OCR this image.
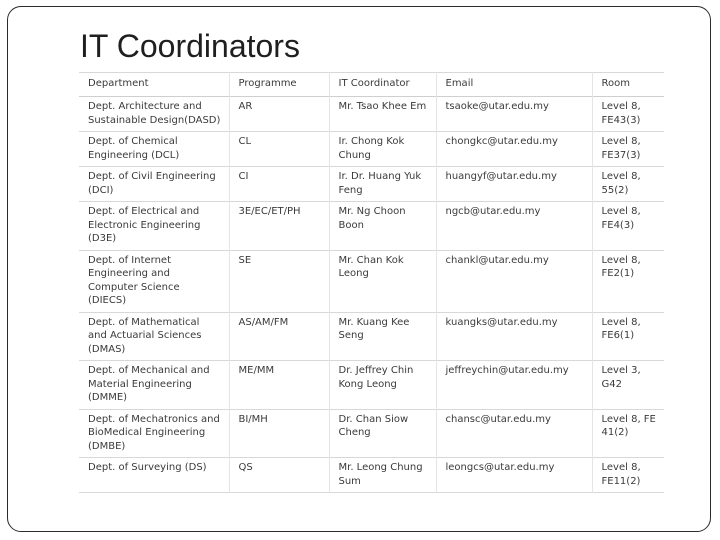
IT Coordinators
Department	Programme	IT Coordinator	Email	Room
Dept. Architecture and Sustainable Design(DASD)	AR	Mr. Tsao Khee Em	tsaoke@utar.edu.my	Level 8, FE43(3)
Dept. of Chemical Engineering (DCL)	CL	Ir. Chong Kok Chung	chongkc@utar.edu.my	Level 8, FE37(3)
Dept. of Civil Engineering (DCI)	CI	Ir. Dr. Huang Yuk Feng	huangyf@utar.edu.my	Level 8, 55(2)
Dept. of Electrical and Electronic Engineering (D3E)	3E/EC/ET/PH	Mr. Ng Choon Boon	ngcb@utar.edu.my	Level 8, FE4(3)
Dept. of Internet Engineering and Computer Science (DIECS)	SE	Mr. Chan Kok Leong	chankl@utar.edu.my	Level 8, FE2(1)
Dept. of Mathematical and Actuarial Sciences (DMAS)	AS/AM/FM	Mr. Kuang Kee Seng	kuangks@utar.edu.my	Level 8, FE6(1)
Dept. of Mechanical and Material Engineering (DMME)	ME/MM	Dr. Jeffrey Chin Kong Leong	jeffreychin@utar.edu.my	Level 3, G42
Dept. of Mechatronics and BioMedical Engineering (DMBE)	BI/MH	Dr. Chan Siow Cheng	chansc@utar.edu.my	Level 8, FE 41(2)
Dept. of Surveying (DS)	QS	Mr. Leong Chung Sum	leongcs@utar.edu.my	Level 8, FE11(2)
